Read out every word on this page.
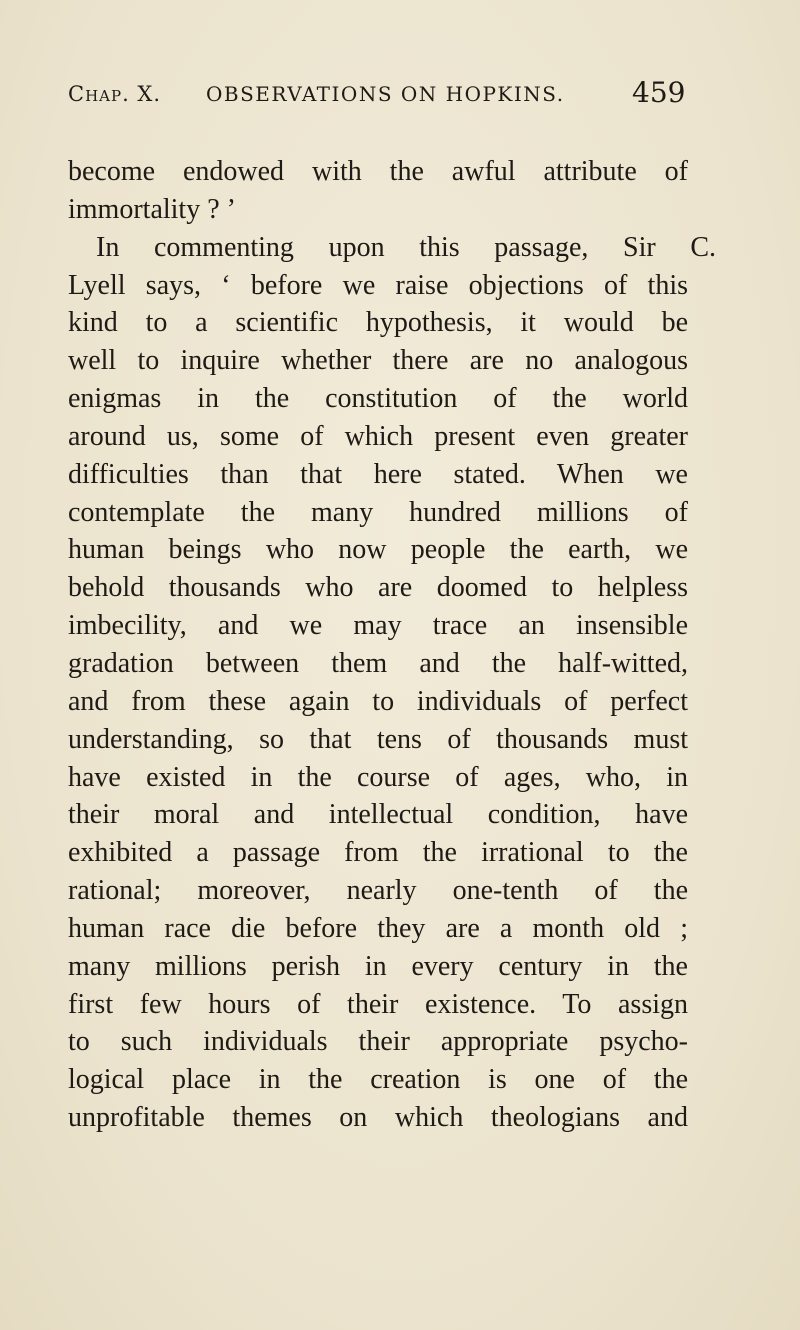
Chap. X. OBSERVATIONS ON HOPKINS. 459
become endowed with the awful attribute of
immortality ? ’
In commenting upon this passage, Sir C.
Lyell says, ‘ before we raise objections of this
kind to a scientific hypothesis, it would be
well to inquire whether there are no analogous
enigmas in the constitution of the world
around us, some of which present even greater
difficulties than that here stated. When we
contemplate the many hundred millions of
human beings who now people the earth, we
behold thousands who are doomed to helpless
imbecility, and we may trace an insensible
gradation between them and the half-witted,
and from these again to individuals of perfect
understanding, so that tens of thousands must
have existed in the course of ages, who, in
their moral and intellectual condition, have
exhibited a passage from the irrational to the
rational; moreover, nearly one-tenth of the
human race die before they are a month old ;
many millions perish in every century in the
first few hours of their existence. To assign
to such individuals their appropriate psycho-
logical place in the creation is one of the
unprofitable themes on which theologians and
